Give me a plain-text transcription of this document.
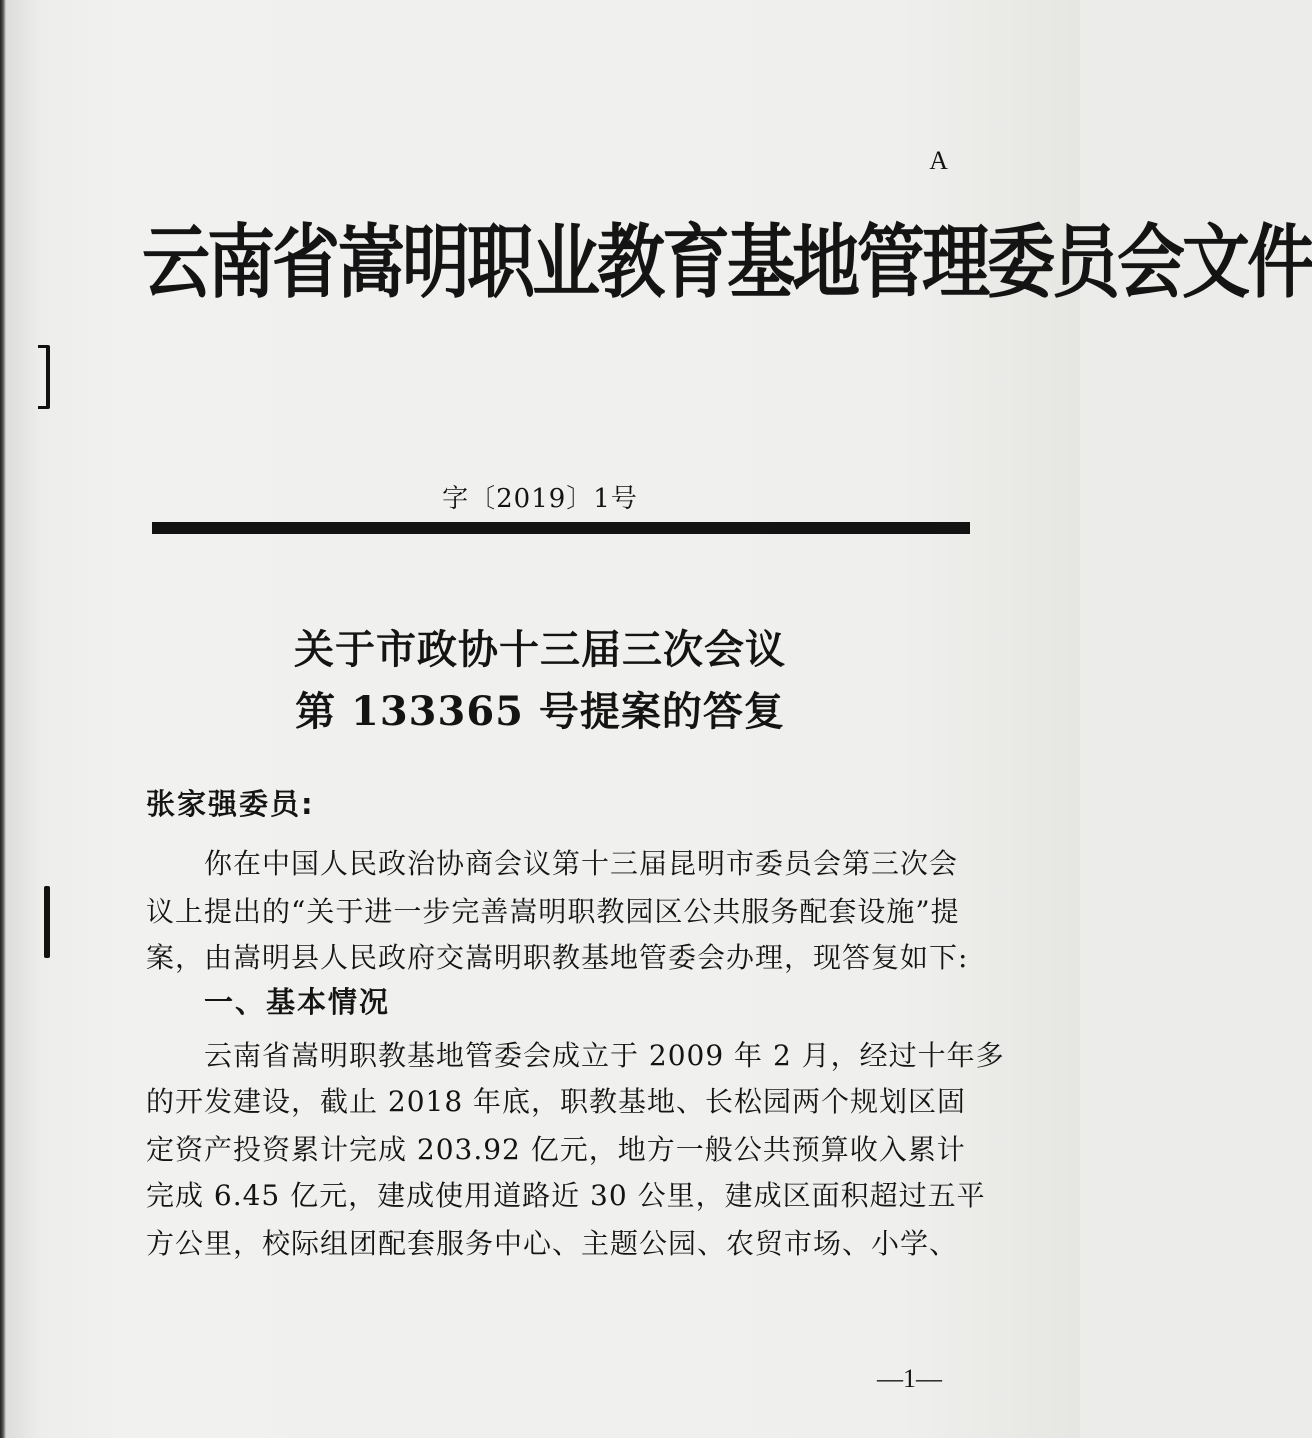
A
云南省嵩明职业教育基地管理委员会文件
字〔2019〕1号
关于市政协十三届三次会议
第 133365 号提案的答复
张家强委员:
你在中国人民政治协商会议第十三届昆明市委员会第三次会
议上提出的“关于进一步完善嵩明职教园区公共服务配套设施”提
案，由嵩明县人民政府交嵩明职教基地管委会办理，现答复如下:
一、基本情况
云南省嵩明职教基地管委会成立于 2009 年 2 月，经过十年多
的开发建设，截止 2018 年底，职教基地、长松园两个规划区固
定资产投资累计完成 203.92 亿元，地方一般公共预算收入累计
完成 6.45 亿元，建成使用道路近 30 公里，建成区面积超过五平
方公里，校际组团配套服务中心、主题公园、农贸市场、小学、
—1—
